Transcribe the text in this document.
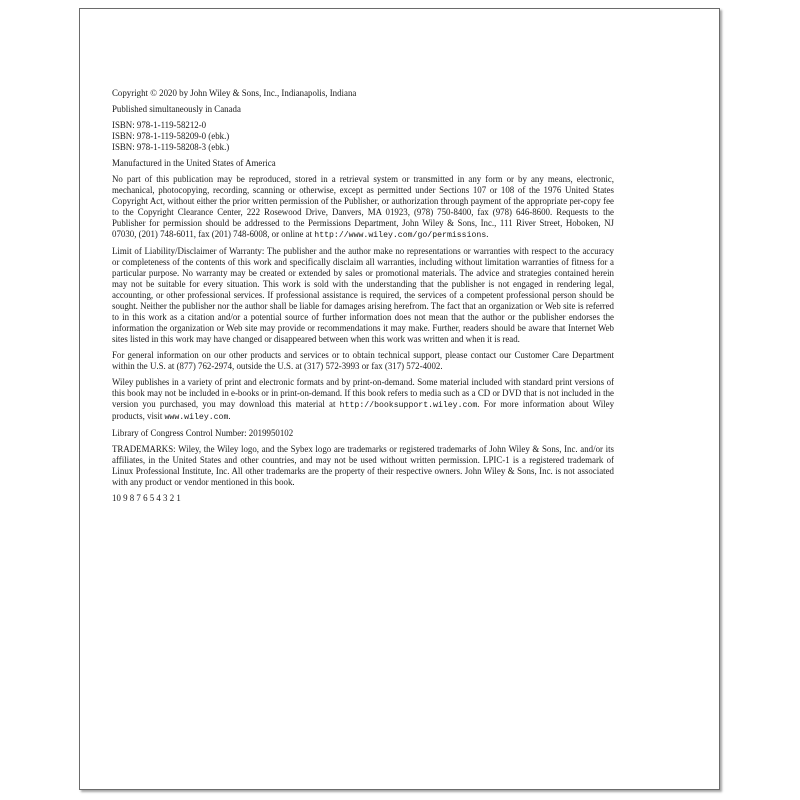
Copyright © 2020 by John Wiley & Sons, Inc., Indianapolis, Indiana

Published simultaneously in Canada

ISBN: 978-1-119-58212-0

ISBN: 978-1-119-58209-0 (ebk.)

ISBN: 978-1-119-58208-3 (ebk.)

Manufactured in the United States of America

No part of this publication may be reproduced, stored in a retrieval system or transmitted in any form or by any means, electronic, mechanical, photocopying, recording, scanning or otherwise, except as permitted under Sections 107 or 108 of the 1976 United States Copyright Act, without either the prior written permission of the Publisher, or authorization through payment of the appropriate per-copy fee to the Copyright Clearance Center, 222 Rosewood Drive, Danvers, MA 01923, (978) 750-8400, fax (978) 646-8600. Requests to the Publisher for permission should be addressed to the Permissions Department, John Wiley & Sons, Inc., 111 River Street, Hoboken, NJ 07030, (201) 748-6011, fax (201) 748-6008, or online at http://www.wiley.com/go/permissions.

Limit of Liability/Disclaimer of Warranty: The publisher and the author make no representations or warranties with respect to the accuracy or completeness of the contents of this work and specifically disclaim all warranties, including without limitation warranties of fitness for a particular purpose. No warranty may be created or extended by sales or promotional materials. The advice and strategies contained herein may not be suitable for every situation. This work is sold with the understanding that the publisher is not engaged in rendering legal, accounting, or other professional services. If professional assistance is required, the services of a competent professional person should be sought. Neither the publisher nor the author shall be liable for damages arising herefrom. The fact that an organization or Web site is referred to in this work as a citation and/or a potential source of further information does not mean that the author or the publisher endorses the information the organization or Web site may provide or recommendations it may make. Further, readers should be aware that Internet Web sites listed in this work may have changed or disappeared between when this work was written and when it is read.

For general information on our other products and services or to obtain technical support, please contact our Customer Care Department within the U.S. at (877) 762-2974, outside the U.S. at (317) 572-3993 or fax (317) 572-4002.

Wiley publishes in a variety of print and electronic formats and by print-on-demand. Some material included with standard print versions of this book may not be included in e-books or in print-on-demand. If this book refers to media such as a CD or DVD that is not included in the version you purchased, you may download this material at http://booksupport.wiley.com. For more information about Wiley products, visit www.wiley.com.

Library of Congress Control Number: 2019950102

TRADEMARKS: Wiley, the Wiley logo, and the Sybex logo are trademarks or registered trademarks of John Wiley & Sons, Inc. and/or its affiliates, in the United States and other countries, and may not be used without written permission. LPIC-1 is a registered trademark of Linux Professional Institute, Inc. All other trademarks are the property of their respective owners. John Wiley & Sons, Inc. is not associated with any product or vendor mentioned in this book.

10 9 8 7 6 5 4 3 2 1
